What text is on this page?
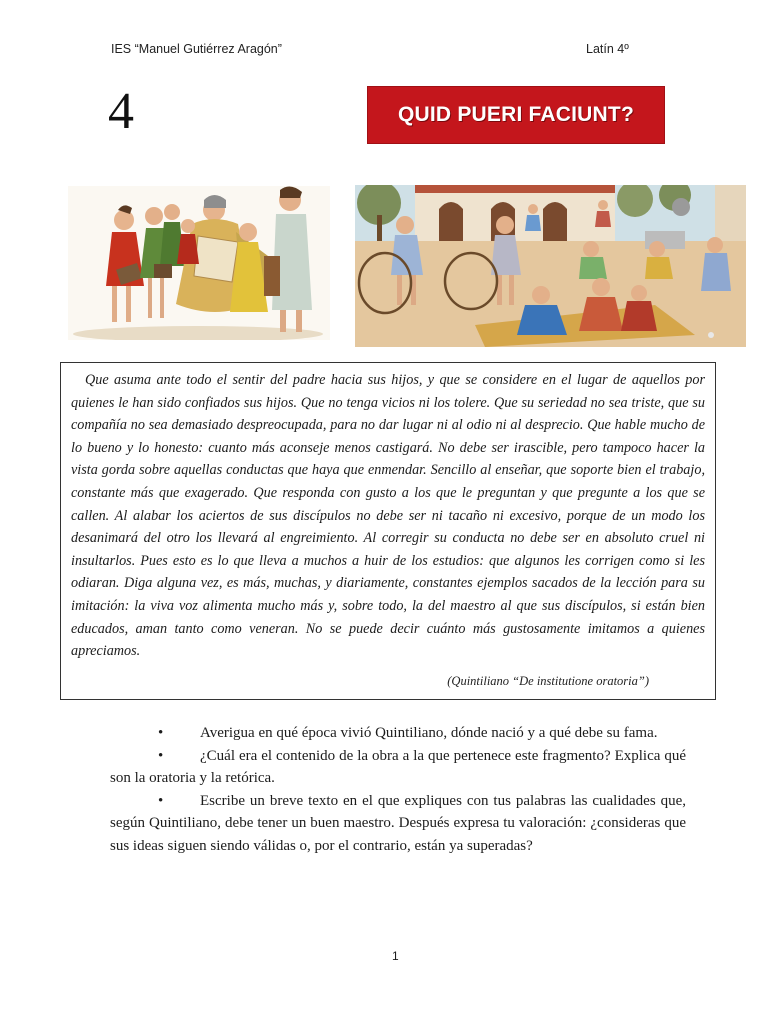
IES “Manuel Gutiérrez Aragón”	Latín 4º
4	QUID PUERI FACIUNT?

Que asuma ante todo el sentir del padre hacia sus hijos, y que se considere en el lugar de aquellos por quienes le han sido confiados sus hijos. Que no tenga vicios ni los tolere. Que su seriedad no sea triste, que su compañía no sea demasiado despreocupada, para no dar lugar ni al odio ni al desprecio. Que hable mucho de lo bueno y lo honesto: cuanto más aconseje menos castigará. No debe ser irascible, pero tampoco hacer la vista gorda sobre aquellas conductas que haya que enmendar. Sencillo al enseñar, que soporte bien el trabajo, constante más que exagerado. Que responda con gusto a los que le preguntan y que pregunte a los que se callen. Al alabar los aciertos de sus discípulos no debe ser ni tacaño ni excesivo, porque de un modo los desanimará del otro los llevará al engreimiento. Al corregir su conducta no debe ser en absoluto cruel ni insultarlos. Pues esto es lo que lleva a muchos a huir de los estudios: que algunos les corrigen como si les odiaran. Diga alguna vez, es más, muchas, y diariamente, constantes ejemplos sacados de la lección para su imitación: la viva voz alimenta mucho más y, sobre todo, la del maestro al que sus discípulos, si están bien educados, aman tanto como veneran. No se puede decir cuánto más gustosamente imitamos a quienes apreciamos.

(Quintiliano “De institutione oratoria”)

• Averigua en qué época vivió Quintiliano, dónde nació y a qué debe su fama.

• ¿Cuál era el contenido de la obra a la que pertenece este fragmento? Explica qué son la oratoria y la retórica.

• Escribe un breve texto en el que expliques con tus palabras las cualidades que, según Quintiliano, debe tener un buen maestro. Después expresa tu valoración: ¿consideras que sus ideas siguen siendo válidas o, por el contrario, están ya superadas?

1
